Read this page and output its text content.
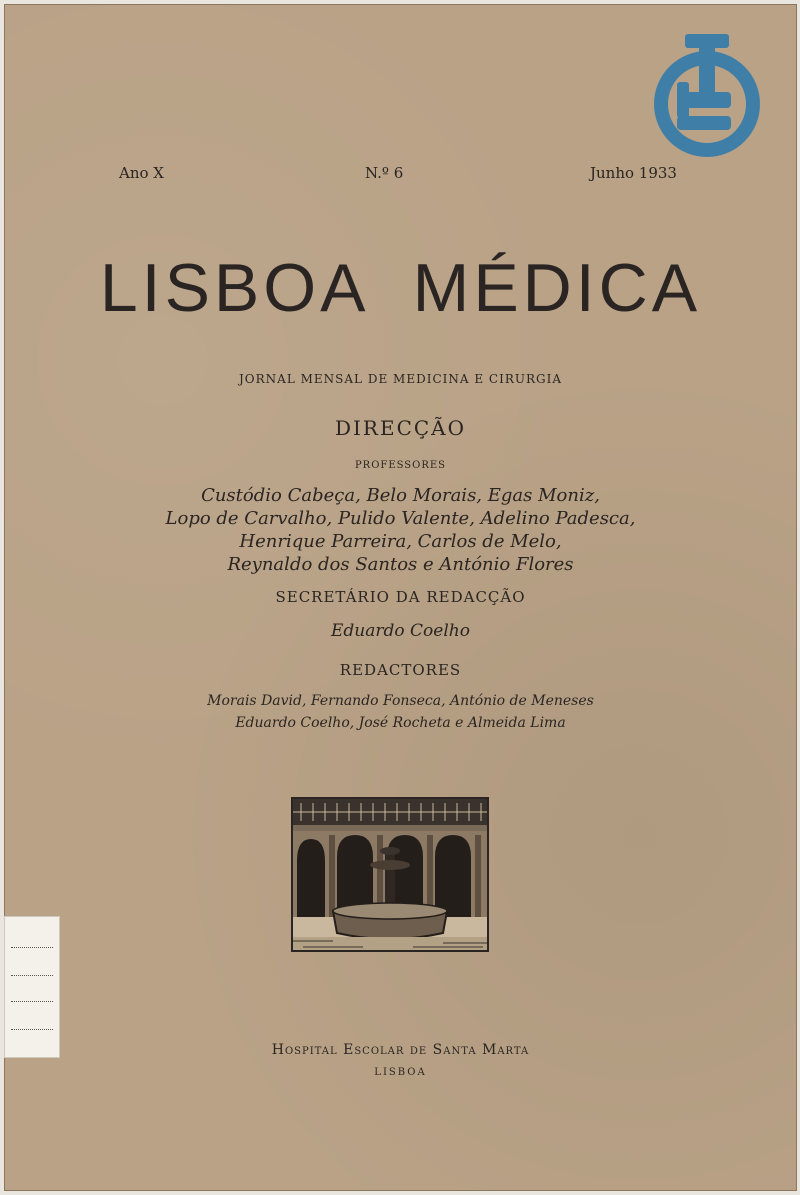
Ano X	N.º 6	Junho 1933
LISBOA MÉDICA
JORNAL MENSAL DE MEDICINA E CIRURGIA
DIRECÇÃO
PROFESSORES
Custódio Cabeça, Belo Morais, Egas Moniz,
Lopo de Carvalho, Pulido Valente, Adelino Padesca,
Henrique Parreira, Carlos de Melo,
Reynaldo dos Santos e António Flores
SECRETÁRIO DA REDACÇÃO
Eduardo Coelho
REDACTORES
Morais David, Fernando Fonseca, António de Meneses
Eduardo Coelho, José Rocheta e Almeida Lima
Hospital Escolar de Santa Marta
LISBOA
